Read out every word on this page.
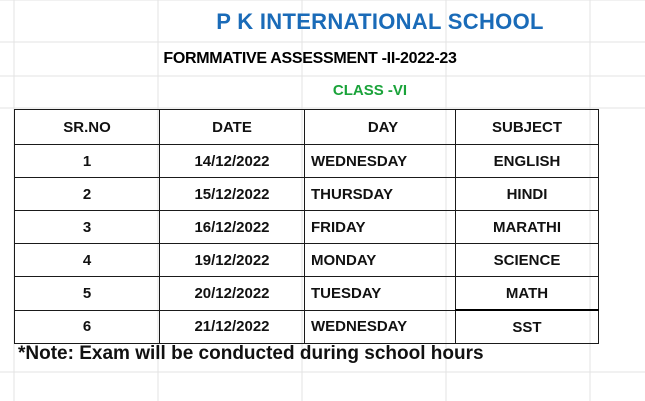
P K INTERNATIONAL SCHOOL
FORMMATIVE ASSESSMENT -II-2022-23
CLASS -VI
SR.NO	DATE	DAY	SUBJECT
1	14/12/2022	WEDNESDAY	ENGLISH
2	15/12/2022	THURSDAY	HINDI
3	16/12/2022	FRIDAY	MARATHI
4	19/12/2022	MONDAY	SCIENCE
5	20/12/2022	TUESDAY	MATH
6	21/12/2022	WEDNESDAY	SST
*Note: Exam will be conducted during school hours
